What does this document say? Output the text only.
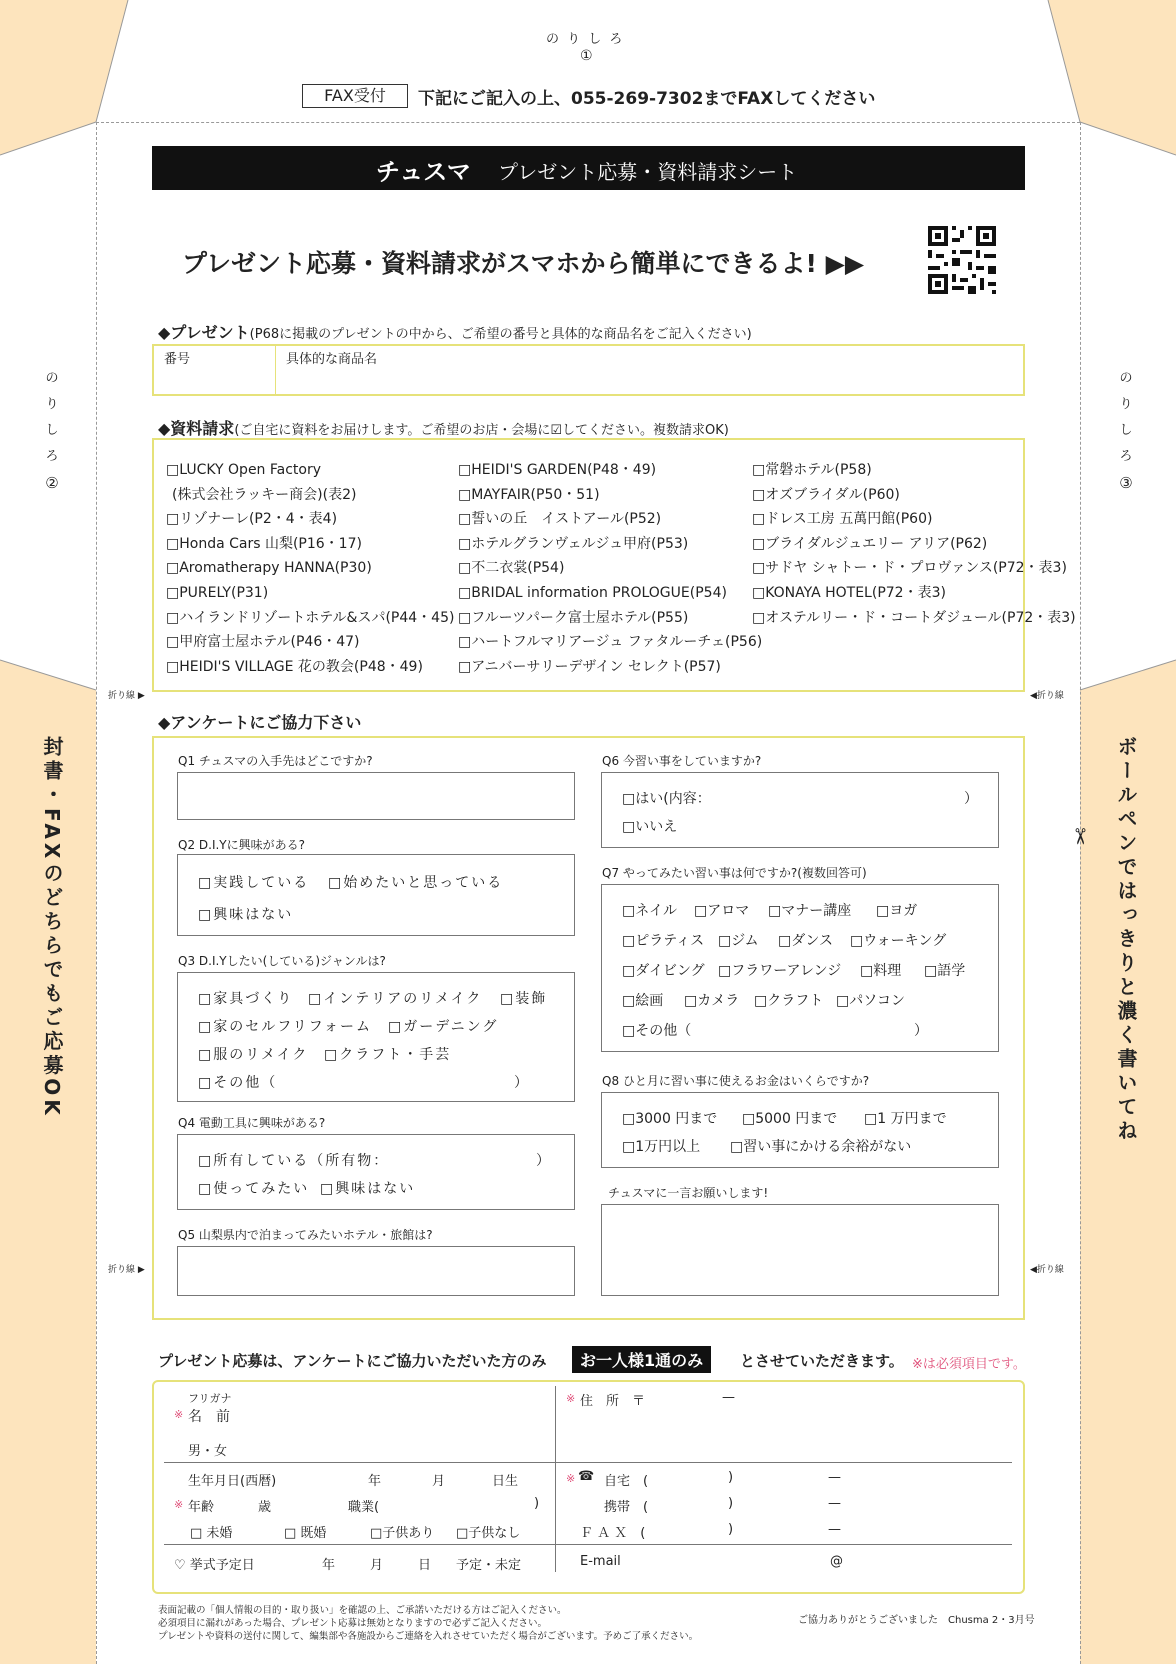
の り し ろ
①
FAX受付	下記にご記入の上、055-269-7302までFAXしてください
チュスマ プレゼント応募・資料請求シート
プレゼント応募・資料請求がスマホから簡単にできるよ! ▶▶
の
り
し
ろ
②
の
り
し
ろ
③
折り線 ▶	◀折り線
折り線 ▶	◀折り線
封書・FAXのどちらでもご応募OK	ボールペンではっきりと濃く書いてね
✂
◆プレゼント(P68に掲載のプレゼントの中から、ご希望の番号と具体的な商品名をご記入ください)
番号	具体的な商品名
◆資料請求(ご自宅に資料をお届けします。ご希望のお店・会場に☑してください。複数請求OK)
□LUCKY Open Factory
(株式会社ラッキー商会)(表2)
□リゾナーレ(P2・4・表4)
□Honda Cars 山梨(P16・17)
□Aromatherapy HANNA(P30)
□PURELY(P31)
□ハイランドリゾートホテル&スパ(P44・45)
□甲府富士屋ホテル(P46・47)
□HEIDI'S VILLAGE 花の教会(P48・49)
□HEIDI'S GARDEN(P48・49)
□MAYFAIR(P50・51)
□誓いの丘　イストアール(P52)
□ホテルグランヴェルジュ甲府(P53)
□不二衣裳(P54)
□BRIDAL information PROLOGUE(P54)
□フルーツパーク富士屋ホテル(P55)
□ハートフルマリアージュ ファタルーチェ(P56)
□アニバーサリーデザイン セレクト(P57)
□常磐ホテル(P58)
□オズブライダル(P60)
□ドレス工房 五萬円館(P60)
□ブライダルジュエリー アリア(P62)
□サドヤ シャトー・ド・プロヴァンス(P72・表3)
□KONAYA HOTEL(P72・表3)
□オステルリー・ド・コートダジュール(P72・表3)
◆アンケートにご協力下さい
Q1 チュスマの入手先はどこですか?
Q2 D.I.Yに興味がある?
□実践している □始めたいと思っている
□興味はない
Q3 D.I.Yしたい(している)ジャンルは?
□家具づくり □インテリアのリメイク □装飾
□家のセルフリフォーム □ガーデニング
□服のリメイク □クラフト・手芸
□その他（	）
Q4 電動工具に興味がある?
□所有している（所有物：	）
□使ってみたい □興味はない
Q5 山梨県内で泊まってみたいホテル・旅館は?
Q6 今習い事をしていますか?
□はい(内容：	）
□いいえ
Q7 やってみたい習い事は何ですか?(複数回答可)
□ネイル □アロマ □マナー講座 □ヨガ
□ピラティス □ジム □ダンス □ウォーキング
□ダイビング □フラワーアレンジ □料理 □語学
□絵画 □カメラ □クラフト □パソコン
□その他（	）
Q8 ひと月に習い事に使えるお金はいくらですか?
□3000 円まで □5000 円まで □1 万円まで
□1万円以上 □習い事にかける余裕がない
チュスマに一言お願いします!
プレゼント応募は、アンケートにご協力いただいた方のみ	お一人様1通のみ	とさせていただきます。 ※は必須項目です。
フリガナ
※ 名　前
男・女
※ 住　所　〒	—
生年月日(西暦)	年	月	日生	※ ☎ 自宅　(	)	—
※ 年齢	歳	職業(	)	携帯　(	)	—
□ 未婚	□ 既婚	□子供あり □子供なし	Ｆ Ａ Ｘ　(	)	—
♡ 挙式予定日	年	月	日 予定・未定	E-mail	@
表面記載の「個人情報の目的・取り扱い」を確認の上、ご承諾いただける方はご記入ください。
必須項目に漏れがあった場合、プレゼント応募は無効となりますので必ずご記入ください。
プレゼントや資料の送付に関して、編集部や各施設からご連絡を入れさせていただく場合がございます。予めご了承ください。
ご協力ありがとうございました　Chusma 2・3月号
